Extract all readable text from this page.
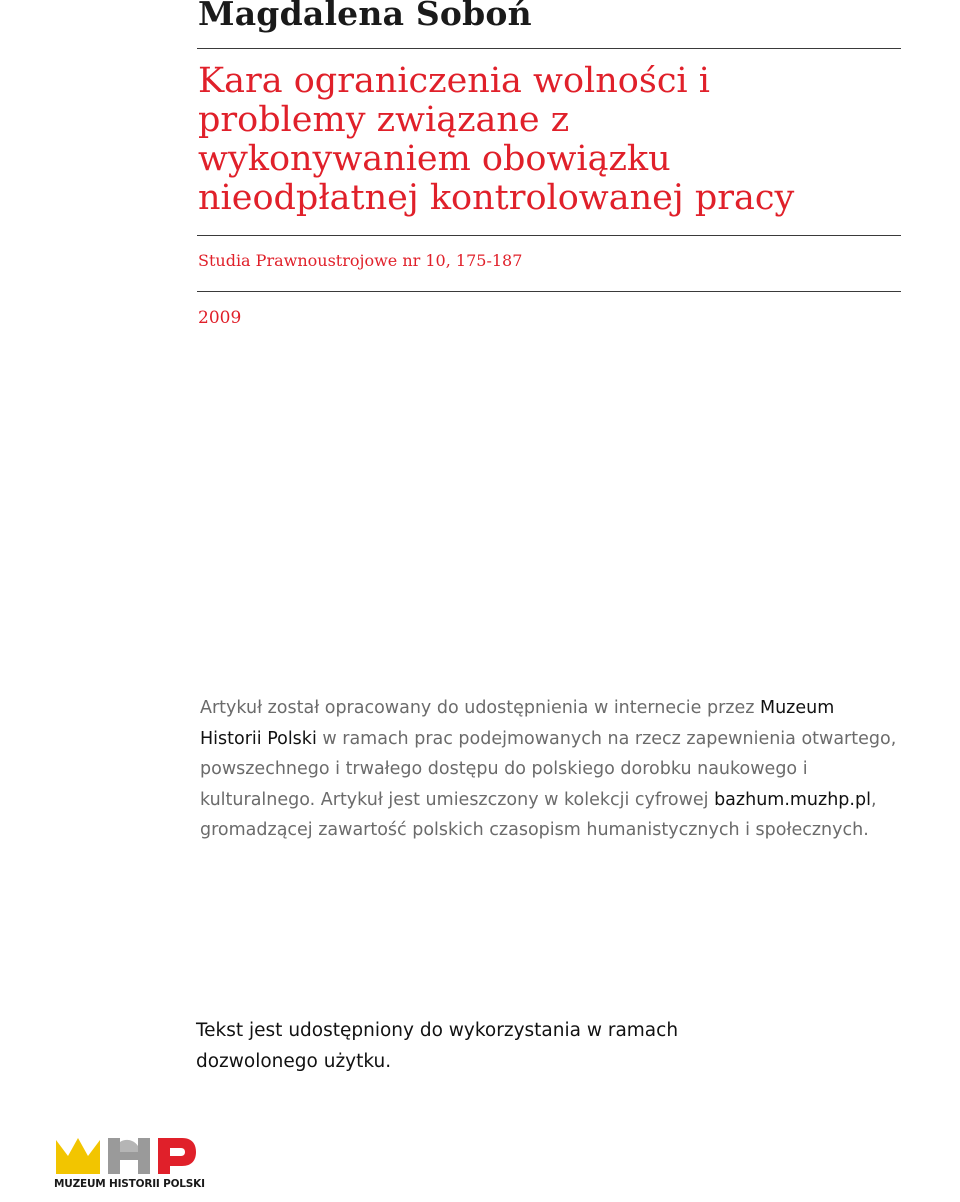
Magdalena Soboń
Kara ograniczenia wolności i
problemy związane z
wykonywaniem obowiązku
nieodpłatnej kontrolowanej pracy

Studia Prawnoustrojowe nr 10, 175-187

2009

Artykuł został opracowany do udostępnienia w internecie przez Muzeum Historii Polski w ramach prac podejmowanych na rzecz zapewnienia otwartego, powszechnego i trwałego dostępu do polskiego dorobku naukowego i kulturalnego. Artykuł jest umieszczony w kolekcji cyfrowej bazhum.muzhp.pl, gromadzącej zawartość polskich czasopism humanistycznych i społecznych.

Tekst jest udostępniony do wykorzystania w ramach dozwolonego użytku.

MUZEUM HISTORII POLSKI
